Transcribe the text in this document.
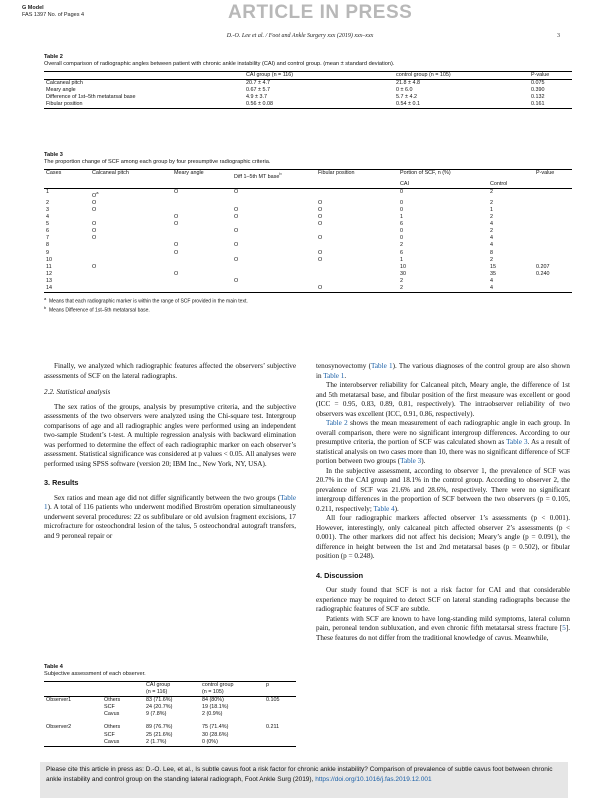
G Model
FAS 1397 No. of Pages 4	ARTICLE IN PRESS
D.-O. Lee et al. / Foot and Ankle Surgery xxx (2019) xxx–xxx	3
Table 2
Overall comparison of radiographic angles between patient with chronic ankle instability (CAI) and control group. (mean ± standard deviation).
	CAI group (n = 116)	control group (n = 105)	P-value
Calcaneal pitch	20.7 ± 4.7	21.8 ± 4.8	0.075
Meary angle	0.67 ± 5.7	0 ± 6.0	0.390
Difference of 1st–5th metatarsal base	4.9 ± 3.7	5.7 ± 4.2	0.132
Fibular position	0.56 ± 0.08	0.54 ± 0.1	0.161
Table 3
The proportion change of SCF among each group by four presumptive radiographic criteria.
Cases	Calcaneal pitch	Meary angle	Diff 1–5th MT base$^b$	Fibular position	Portion of SCF, n (%)		P-value
					CAI	Control	
1	$O^a$	O	O		0	2	
2	O			O	0	2	
3	O		O	O	0	1	
4		O	O	O	1	2	
5	O	O		O	6	4	
6	O		O		0	2	
7	O			O	0	4	
8		O	O		2	4	
9		O		O	6	8	
10			O	O	1	2	
11	O				10	15	0.207
12		O			30	35	0.240
13			O		2	4	
14				O	2	4	
$^a$  Means that each radiographic marker is within the range of SCF provided in the main text.
$^b$  Means Difference of 1st–5th metatarsal base.

Finally, we analyzed which radiographic features affected the observers’ subjective assessments of SCF on the lateral radiographs.

2.2. Statistical analysis

The sex ratios of the groups, analysis by presumptive criteria, and the subjective assessments of the two observers were analyzed using the Chi-square test. Intergroup comparisons of age and all radiographic angles were performed using an independent two-sample Student’s t-test. A multiple regression analysis with backward elimination was performed to determine the effect of each radiographic marker on each observer’s assessment. Statistical significance was considered at p values < 0.05. All analyses were performed using SPSS software (version 20; IBM Inc., New York, NY, USA).

3. Results

Sex ratios and mean age did not differ significantly between the two groups (Table 1). A total of 116 patients who underwent modified Broström operation simultaneously underwent several procedures: 22 os subfibulare or old avulsion fragment excisions, 17 microfracture for osteochondral lesion of the talus, 5 osteochondral autograft transfers, and 9 peroneal repair or

Table 4
Subjective assessment of each observer.
		CAI group	control group	p
		(n = 116)	(n = 105)	
Observer1	Others	83 (71.6%)	84 (80%)	0.105
	SCF	24 (20.7%)	19 (18.1%)	
	Cavus	9 (7.8%)	2 (0.9%)	

Observer2	Others	89 (76.7%)	75 (71.4%)	0.211
	SCF	25 (21.6%)	30 (28.6%)	
	Cavus	2 (1.7%)	0 (0%)	

tenosynovectomy (Table 1). The various diagnoses of the control group are also shown in Table 1.

The interobserver reliability for Calcaneal pitch, Meary angle, the difference of 1st and 5th metatarsal base, and fibular position of the first measure was excellent or good (ICC = 0.95, 0.83, 0.89, 0.81, respectively). The intraobserver reliability of two observers was excellent (ICC, 0.91, 0.86, respectively).

Table 2 shows the mean measurement of each radiographic angle in each group. In overall comparison, there were no significant intergroup differences. According to our presumptive criteria, the portion of SCF was calculated shown as Table 3. As a result of statistical analysis on two cases more than 10, there was no significant difference of SCF portion between two groups (Table 3).

In the subjective assessment, according to observer 1, the prevalence of SCF was 20.7% in the CAI group and 18.1% in the control group. According to observer 2, the prevalence of SCF was 21.6% and 28.6%, respectively. There were no significant intergroup differences in the proportion of SCF between the two observers (p = 0.105, 0.211, respectively; Table 4).

All four radiographic markers affected observer 1’s assessments (p < 0.001). However, interestingly, only calcaneal pitch affected observer 2’s assessments (p < 0.001). The other markers did not affect his decision; Meary’s angle (p = 0.091), the difference in height between the 1st and 2nd metatarsal bases (p = 0.502), or fibular position (p = 0.248).

4. Discussion

Our study found that SCF is not a risk factor for CAI and that considerable experience may be required to detect SCF on lateral standing radiographs because the radiographic features of SCF are subtle.

Patients with SCF are known to have long-standing mild symptoms, lateral column pain, peroneal tendon subluxation, and even chronic fifth metatarsal stress fracture [5]. These features do not differ from the traditional knowledge of cavus. Meanwhile,

Please cite this article in press as: D.-O. Lee, et al., Is subtle cavus foot a risk factor for chronic ankle instability? Comparison of prevalence of subtle cavus foot between chronic ankle instability and control group on the standing lateral radiograph, Foot Ankle Surg (2019), https://doi.org/10.1016/j.fas.2019.12.001
